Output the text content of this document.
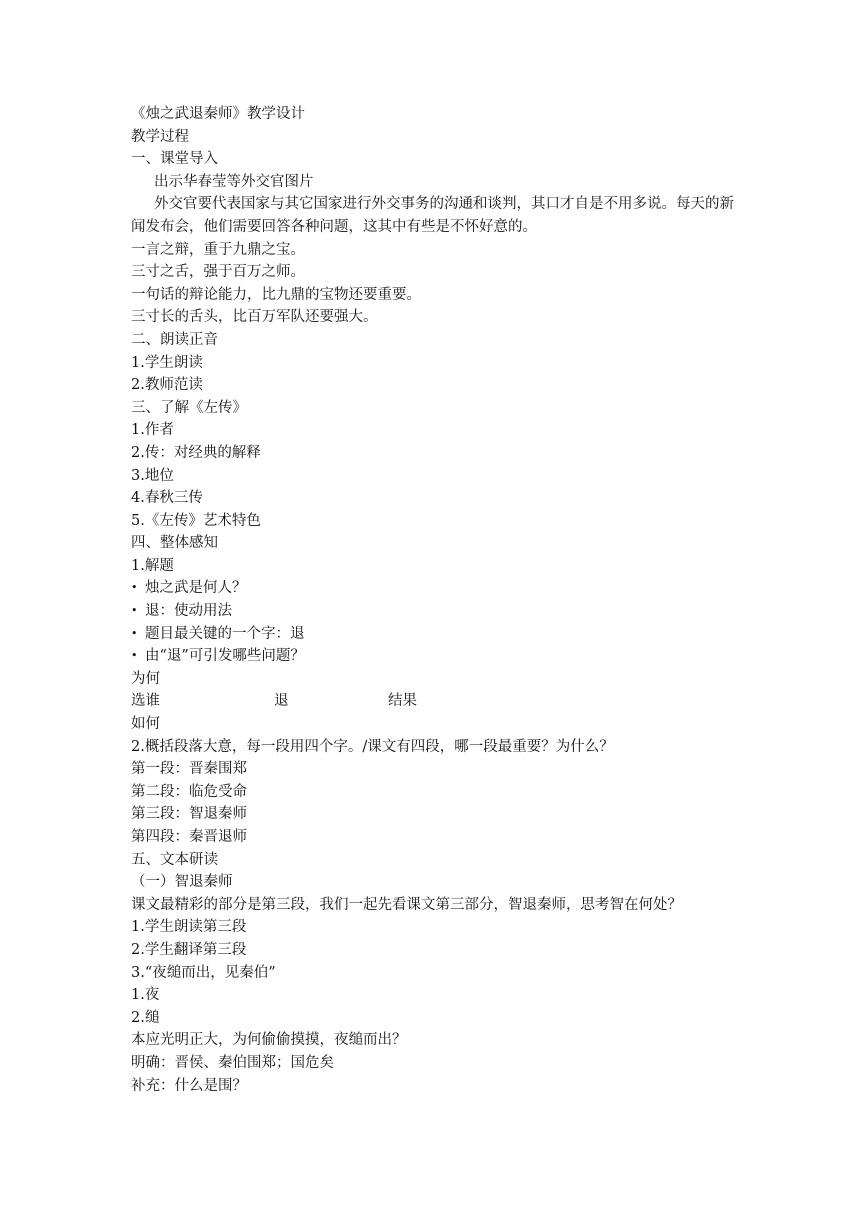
《烛之武退秦师》教学设计
教学过程
一、课堂导入
出示华春莹等外交官图片
外交官要代表国家与其它国家进行外交事务的沟通和谈判，其口才自是不用多说。每天的新闻发布会，他们需要回答各种问题，这其中有些是不怀好意的。
一言之辩，重于九鼎之宝。
三寸之舌，强于百万之师。
一句话的辩论能力，比九鼎的宝物还要重要。
三寸长的舌头，比百万军队还要强大。
二、朗读正音
1.学生朗读
2.教师范读
三、了解《左传》
1.作者
2.传：对经典的解释
3.地位
4.春秋三传
5.《左传》艺术特色
四、整体感知
1.解题
• 烛之武是何人？
• 退：使动用法
• 题目最关键的一个字：退
• 由“退”可引发哪些问题？
为何
选谁	退	结果
如何
2.概括段落大意，每一段用四个字。/课文有四段，哪一段最重要？为什么？
第一段：晋秦围郑
第二段：临危受命
第三段：智退秦师
第四段：秦晋退师
五、文本研读
（一）智退秦师
课文最精彩的部分是第三段，我们一起先看课文第三部分，智退秦师，思考智在何处？
1.学生朗读第三段
2.学生翻译第三段
3.“夜缒而出，见秦伯”
1.夜
2.缒
本应光明正大，为何偷偷摸摸，夜缒而出？
明确：晋侯、秦伯围郑；国危矣
补充：什么是围？
